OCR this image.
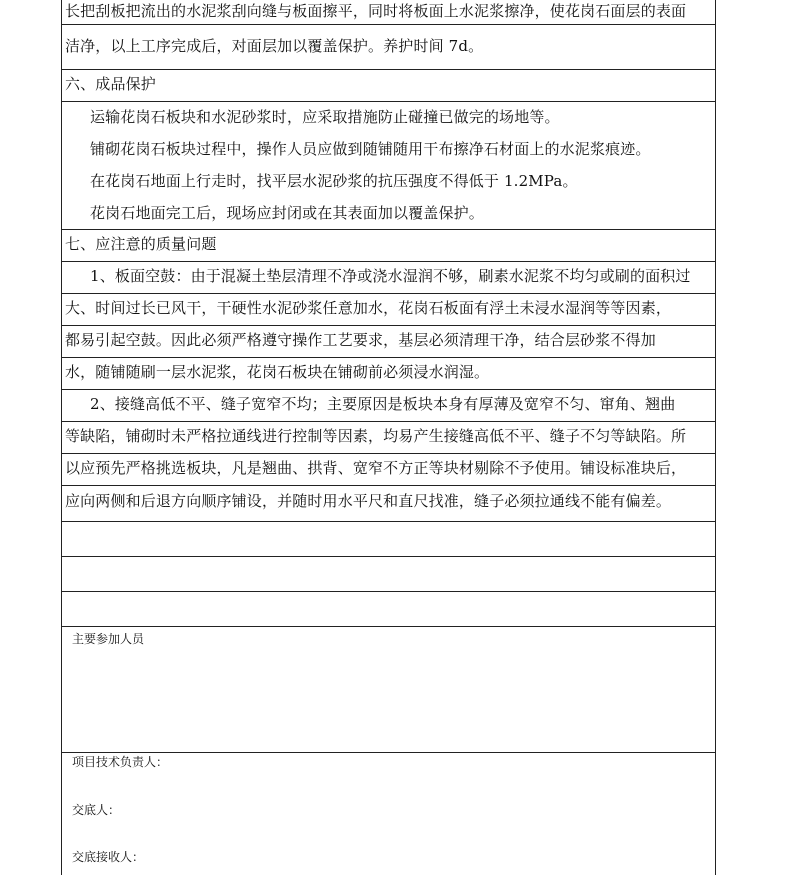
长把刮板把流出的水泥浆刮向缝与板面擦平，同时将板面上水泥浆擦净，使花岗石面层的表面
洁净，以上工序完成后，对面层加以覆盖保护。养护时间 7d。
六、成品保护
运输花岗石板块和水泥砂浆时，应采取措施防止碰撞已做完的场地等。
铺砌花岗石板块过程中，操作人员应做到随铺随用干布擦净石材面上的水泥浆痕迹。
在花岗石地面上行走时，找平层水泥砂浆的抗压强度不得低于 1.2MPa。
花岗石地面完工后，现场应封闭或在其表面加以覆盖保护。
七、应注意的质量问题
1、板面空鼓：由于混凝土垫层清理不净或浇水湿润不够，刷素水泥浆不均匀或刷的面积过
大、时间过长已风干，干硬性水泥砂浆任意加水，花岗石板面有浮土未浸水湿润等等因素，
都易引起空鼓。因此必须严格遵守操作工艺要求，基层必须清理干净，结合层砂浆不得加
水，随铺随刷一层水泥浆，花岗石板块在铺砌前必须浸水润湿。
2、接缝高低不平、缝子宽窄不均；主要原因是板块本身有厚薄及宽窄不匀、窜角、翘曲
等缺陷，铺砌时未严格拉通线进行控制等因素，均易产生接缝高低不平、缝子不匀等缺陷。所
以应预先严格挑选板块，凡是翘曲、拱背、宽窄不方正等块材剔除不予使用。铺设标准块后，
应向两侧和后退方向顺序铺设，并随时用水平尺和直尺找准，缝子必须拉通线不能有偏差。
主要参加人员
项目技术负责人：
交底人：
交底接收人：
